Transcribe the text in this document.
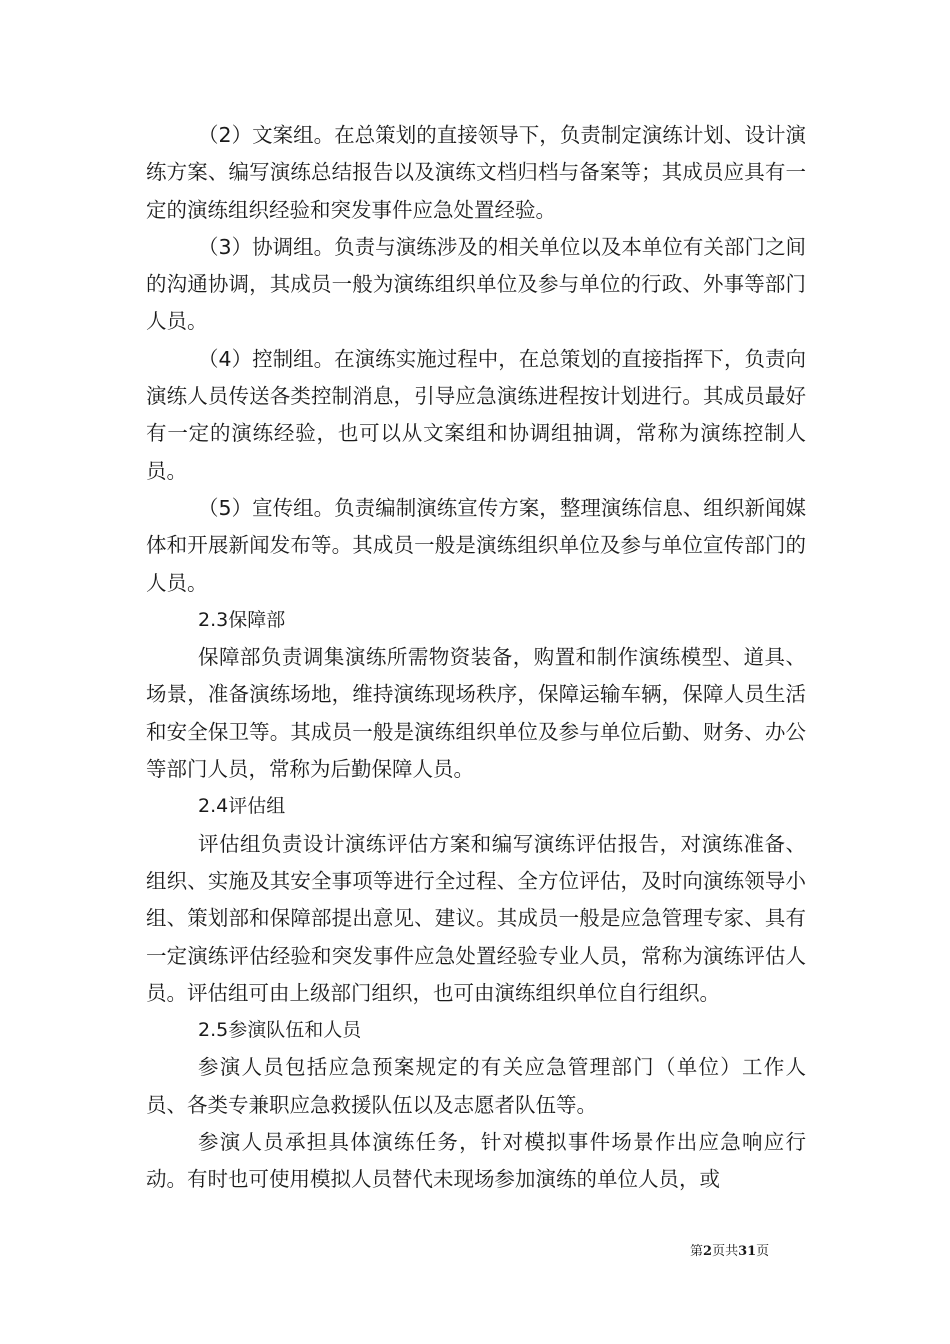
（2）文案组。在总策划的直接领导下，负责制定演练计划、设计演练方案、编写演练总结报告以及演练文档归档与备案等；其成员应具有一定的演练组织经验和突发事件应急处置经验。

（3）协调组。负责与演练涉及的相关单位以及本单位有关部门之间的沟通协调，其成员一般为演练组织单位及参与单位的行政、外事等部门人员。

（4）控制组。在演练实施过程中，在总策划的直接指挥下，负责向演练人员传送各类控制消息，引导应急演练进程按计划进行。其成员最好有一定的演练经验，也可以从文案组和协调组抽调，常称为演练控制人员。

（5）宣传组。负责编制演练宣传方案，整理演练信息、组织新闻媒体和开展新闻发布等。其成员一般是演练组织单位及参与单位宣传部门的人员。

2.3保障部

保障部负责调集演练所需物资装备，购置和制作演练模型、道具、场景，准备演练场地，维持演练现场秩序，保障运输车辆，保障人员生活和安全保卫等。其成员一般是演练组织单位及参与单位后勤、财务、办公等部门人员，常称为后勤保障人员。

2.4评估组

评估组负责设计演练评估方案和编写演练评估报告，对演练准备、组织、实施及其安全事项等进行全过程、全方位评估，及时向演练领导小组、策划部和保障部提出意见、建议。其成员一般是应急管理专家、具有一定演练评估经验和突发事件应急处置经验专业人员，常称为演练评估人员。评估组可由上级部门组织，也可由演练组织单位自行组织。

2.5参演队伍和人员

参演人员包括应急预案规定的有关应急管理部门（单位）工作人员、各类专兼职应急救援队伍以及志愿者队伍等。

参演人员承担具体演练任务，针对模拟事件场景作出应急响应行动。有时也可使用模拟人员替代未现场参加演练的单位人员，或

第2页共31页
